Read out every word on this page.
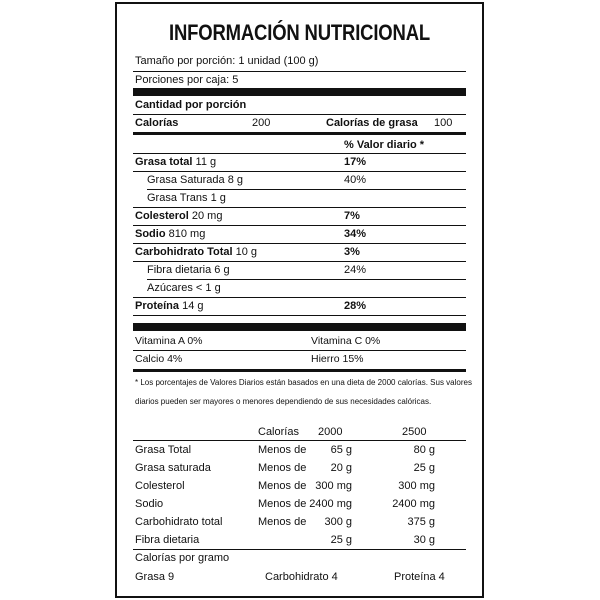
INFORMACIÓN NUTRICIONAL
Tamaño por porción: 1 unidad (100 g)
Porciones por caja: 5
Cantidad por porción
Calorías	200	Calorías de grasa 100
% Valor diario *
Grasa total 11 g	17%
Grasa Saturada 8 g	40%
Grasa Trans 1 g
Colesterol 20 mg	7%
Sodio 810 mg	34%
Carbohidrato Total 10 g	3%
Fibra dietaria 6 g	24%
Azúcares < 1 g
Proteína 14 g	28%
Vitamina A 0%	Vitamina C 0%
Calcio 4%	Hierro 15%
* Los porcentajes de Valores Diarios están basados en una dieta de 2000 calorías. Sus valores
diarios pueden ser mayores o menores dependiendo de sus necesidades calóricas.
Calorías 2000	2500
Grasa Total	Menos de 65 g	80 g
Grasa saturada	Menos de 20 g	25 g
Colesterol	Menos de 300 mg	300 mg
Sodio	Menos de 2400 mg	2400 mg
Carbohidrato total	Menos de 300 g	375 g
Fibra dietaria	25 g	30 g
Calorías por gramo
Grasa 9	Carbohidrato 4	Proteína 4
